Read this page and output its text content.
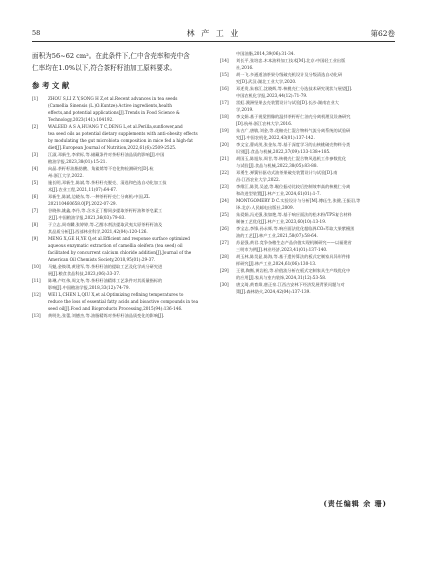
58	林 产 工 业	第62卷
面积为56~62 cm²。在此条件下,仁中含壳率和壳中含
仁率均在1.0%以下,符合茶籽籽油加工原料要求。
参 考 文 献
[1]	ZHOU S,LI Z Y,SONG H Z,et al.Recent advances in tea seeds
(Camellia Sinensis (L.)O.Kuntze):Active ingredients,health
effects,and potential applications[J].Trends in Food Science &
Technology,2023(141):104192.
[2]	WALEED A S A,HUANG T C,DENG L,et al.Perilla,sunflower,and
tea seed oils as potential dietary supplements with anti-obesity effects
by modulating the gut microbiota composition in mice fed a high-fat
diet[J].European Journal of Nutrition,2022,61(6):2509-2525.
[3]	江淑,邓新生,李荣标,等.储藏条件对茶籽籽油品质的影响[J].中国
粮油学报,2023,38(01):15-21.
[4]	向晶.茶籽籽油脂肪酸、角鲨烯等不皂化物检测研究[D].杭
州:浙江大学,2022.
[5]	施长明,邓新生,陈斌,等.茶籽籽壳脱壳、清选和色选自动化加工技
术[J].农业工程,2021,11(07):64-67.
[6]	邓新生,陈斌,边晓东,等.一种茶籽籽壳仁分离机:中国,ZL
202110460658.0[P].2022-07-29.
[7]	谷晓伟,姚鑫,李丹,等.含水正丁醇同步提取茶籽籽油和茶皂素工
艺[J].中国粮油学报,2021,36(03):79-83.
[8]	于立志,周奇麟,张婷婷,等.乙醇水剂法提取武夷太原茶籽籽油及
其品质分析[J].西部林业科学,2021,42(04):120-126.
[9]	MENG X,GE H,YE Q,et al.Efficient and response surface optimized
aqueous enzymatic extraction of camellia oleifera (tea seed) oil
facilitated by concurrent calcium chloride addition[J].Journal of the
American Oil Chemists Society,2018,95(01):29-37.
[10]	马魁,金焕琪,黄建军,等.茶籽籽油的提取工艺及化学成分研究进
展[J].粮食食品科技,2023,(06):33-37.
[11]	陈琳,卢红伟,周文冬,等.茶籽籽油精炼工艺条件对其质量指标的
影响[J].中国粮油学报,2018,33(12):74-79.
[12]	WEI L,CHEN L,QIU X,et al.Optimizing refining temperatures to
reduce the loss of essential fatty acids and bioactive compounds in tea
seed oil[J].Food and Bioproducts Processing,2015(94):136-146.
[13]	黄明先,张蕾,刘德杰,等.油脂精炼对茶籽籽油品质变化的影响[J].
中国油脂,2014,39(06):31-34.
[14]	刘长平,张培忠.木本油料加工技术[M].北京:中国轻工业出版
社,2016.
[15]	胡一飞.多通道油茶果分级破壳机设计及分级清选自动化研
究[D].武汉:湖北工业大学,2020.
[16]	邓述贵,朱春江,沈晓辉,等.核桃壳仁分选技术研究现状与展望[J].
中国农机化学报,2023,44(12):71-79.
[17]	雷虹.澳洲坚果去壳装置设计与试验[D].长沙:湖南农业大
学,2019.
[18]	李文娟.基于视觉图像的温拌茶籽籽仁油壳分离机理及设备研究
[D].杭州:浙江农林大学,2016.
[19]	朱吉广,唐敏,刘金,等.花椒壳仁混合物料气流分离系统的试验研
究[J].中国农机化,2022,43(01):137-142.
[20]	李文宝,曹成茂,张金东,等.基于深度学习的山核桃破壳物料分类
识别[J].食品与机械,2022,37(09):133-138+185.
[21]	胡国玉,陈旭东,周甘,等.核桃壳仁混合物风选机工作参数优化
与试验[J].食品与机械,2022,38(05):83-88.
[22]	邓勇生.弹簧针驱动式油茶果破壳装置设计与试验[D].南
昌:江西农业大学,2022.
[23]	李维江,陈贺,吴凌,等.喉位振动比较后控制效率高的核桃仁分离
和改进型装置[J].林产工业,2024,61(01):1-7.
[24]	MONTGOMERY D C.实验设计与分析[M].傅珏生,张健,王振羽,等
译.北京:人民邮电出版社,2009.
[25]	朱爱娟,冯光强,张如艳,等.基于响应面法的松木粉/TPS复合材料
制备工艺优化[J].林产工业,2023,60(10):13-19.
[26]	李宝志,李锋,孙永辉,等.响应面法优化超临界CO₂萃取大果紫檀黑
油的工艺[J].林产工业,2021,58(07):58-64.
[27]	苏显强,黄君.竞争杂粮生态产品价值实现机制研究——以福建省
三明市为例[J].林业经济,2023,41(01):137-140.
[28]	胡玉林,陈昊显,陈海,等.基于遗传算法的板式定制家具异形件排
样研究[J].林产工业,2024,61(06):130-13.
[29]	王祺,陶衡,黄岩松,等.价值流分析在板式定制家具生产线优化中
的应用[J].家具与室内装饰,2024,31(12):53-58.
[30]	唐文琦,黄育烽,唐正泉.江西古安林下经济发展背景问题与对
策[J].森林防火,2024,42(04):137-139.
(责任编辑 余 珊)
